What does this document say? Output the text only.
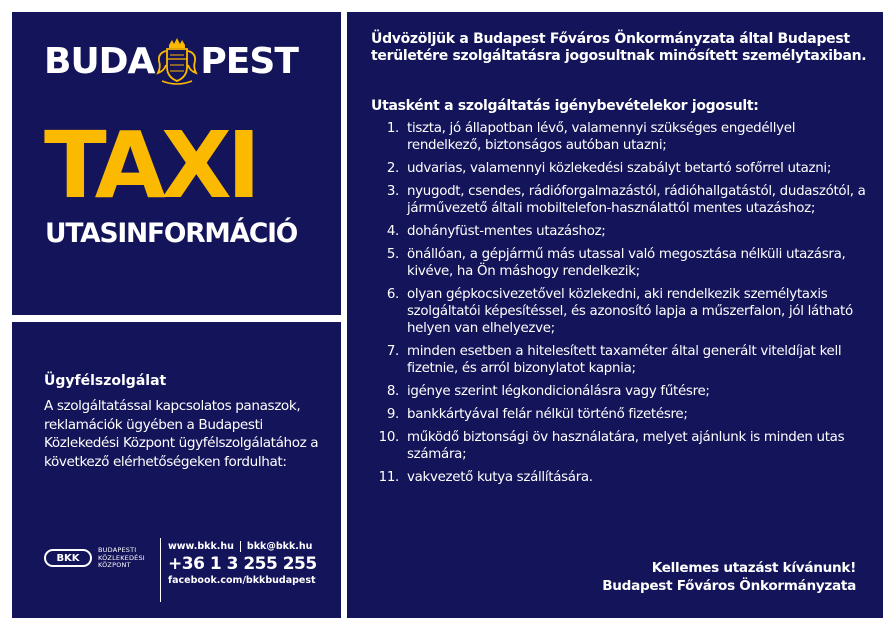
BUDA PEST
TAXI
UTASINFORMÁCIÓ
Ügyfélszolgálat
A szolgáltatással kapcsolatos panaszok, reklamációk ügyében a Budapesti Közlekedési Központ ügyfélszolgálatához a következő elérhetőségeken fordulhat:
BKK
BUDAPESTI
KÖZLEKEDÉSI
KÖZPONT
www.bkk.hu bkk@bkk.hu
+36 1 3 255 255
facebook.com/bkkbudapest
Üdvözöljük a Budapest Főváros Önkormányzata által Budapest területére szolgáltatásra jogosultnak minősített személytaxiban.
Utasként a szolgáltatás igénybevételekor jogosult:
1. tiszta, jó állapotban lévő, valamennyi szükséges engedéllyel rendelkező, biztonságos autóban utazni;
2. udvarias, valamennyi közlekedési szabályt betartó sofőrrel utazni;
3. nyugodt, csendes, rádióforgalmazástól, rádióhallgatástól, dudaszótól, a járművezető általi mobiltelefon-használattól mentes utazáshoz;
4. dohányfüst-mentes utazáshoz;
5. önállóan, a gépjármű más utassal való megosztása nélküli utazásra, kivéve, ha Ön máshogy rendelkezik;
6. olyan gépkocsivezetővel közlekedni, aki rendelkezik személytaxis szolgáltatói képesítéssel, és azonosító lapja a műszerfalon, jól látható helyen van elhelyezve;
7. minden esetben a hitelesített taxaméter által generált viteldíjat kell fizetnie, és arról bizonylatot kapnia;
8. igénye szerint légkondicionálásra vagy fűtésre;
9. bankkártyával felár nélkül történő fizetésre;
10. működő biztonsági öv használatára, melyet ajánlunk is minden utas számára;
11. vakvezető kutya szállítására.
Kellemes utazást kívánunk!
Budapest Főváros Önkormányzata
